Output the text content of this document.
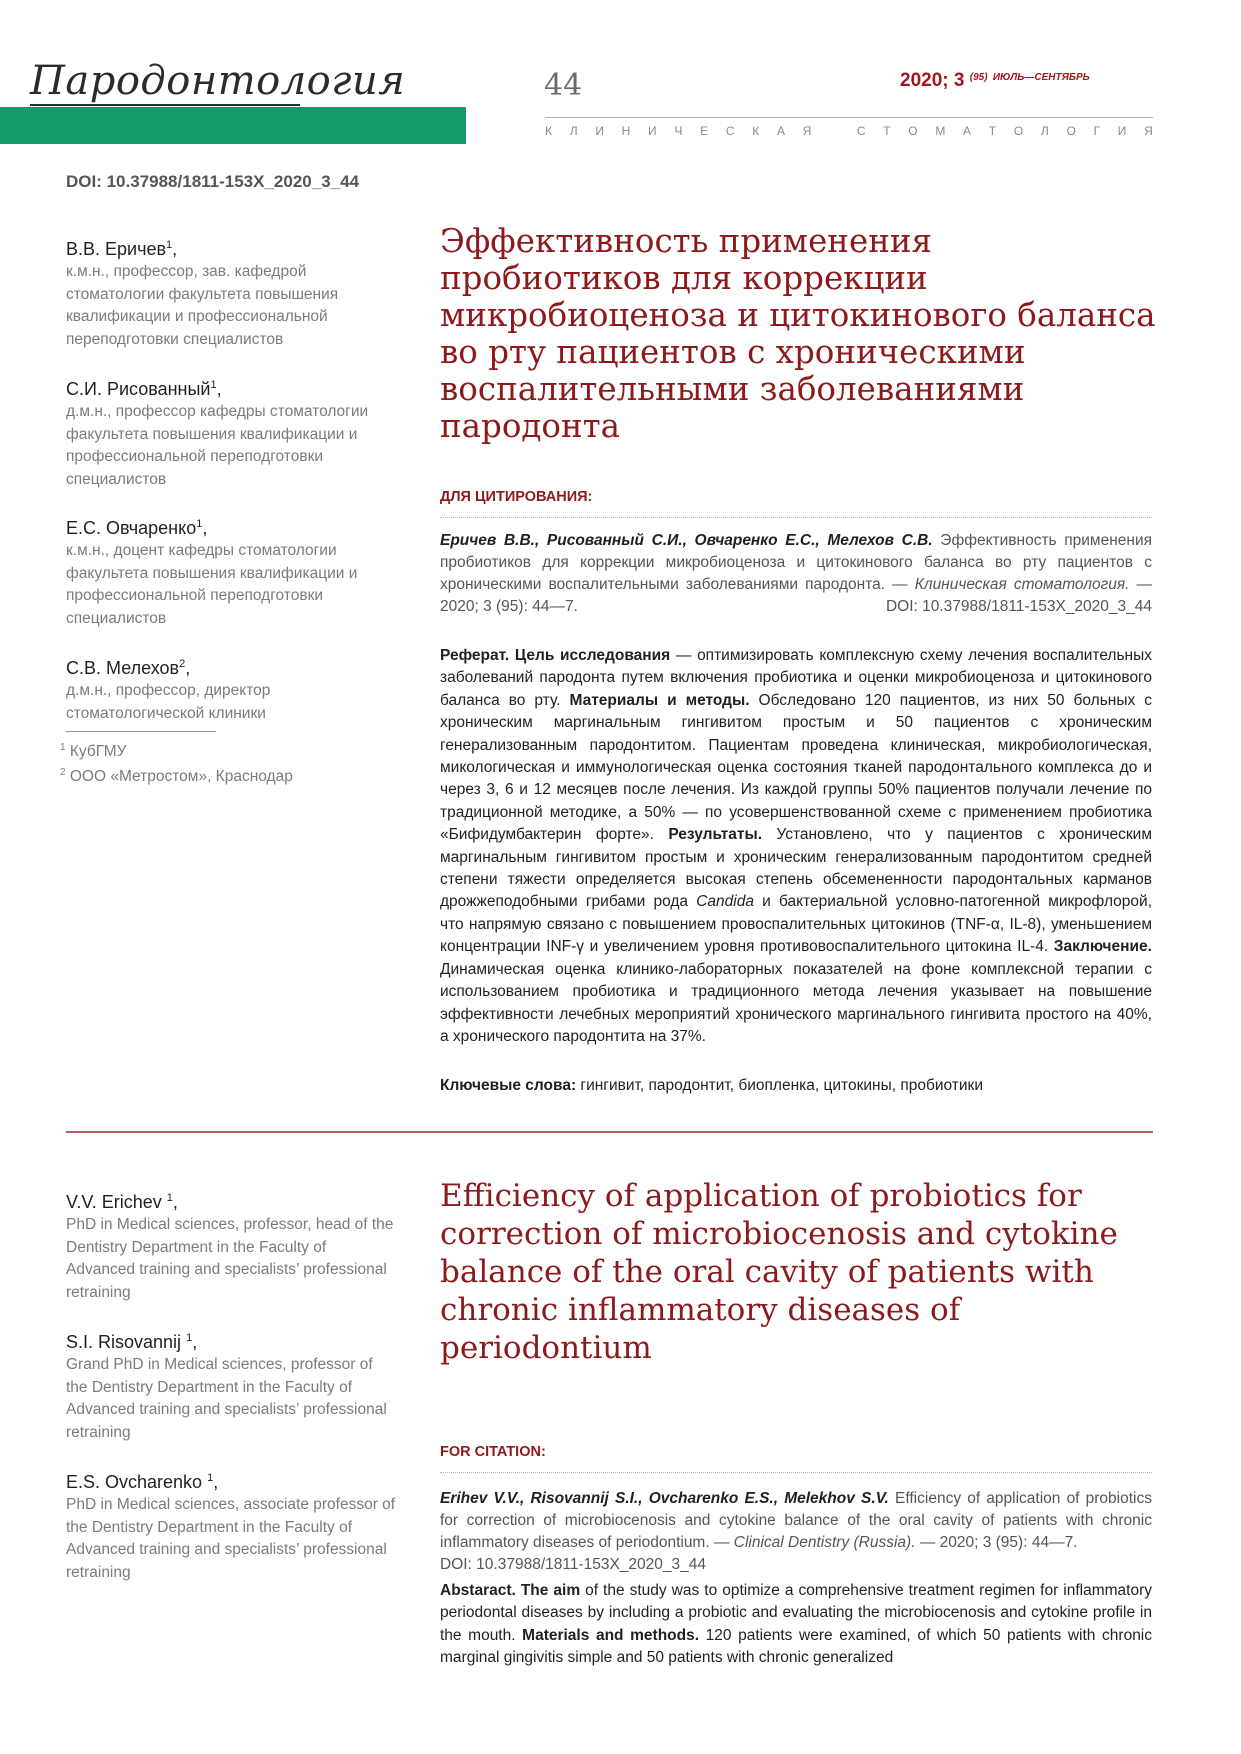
Пародонтология	44	2020; 3 $^{(95)}$ $^{ИЮЛЬ—СЕНТЯБРЬ}$
К Л И Н И Ч Е С К А Я
	С Т О М А Т О Л О Г И Я
DOI: 10.37988/1811-153X_2020_3_44
В.В. Еричев$^1$,
к.м.н., профессор, зав. кафедрой стоматологии факультета повышения квалификации и профессиональной переподготовки специалистов
С.И. Рисованный$^1$,
д.м.н., профессор кафедры стоматологии факультета повышения квалификации и профессиональной переподготовки специалистов
Е.С. Овчаренко$^1$,
к.м.н., доцент кафедры стоматологии факультета повышения квалификации и профессиональной переподготовки специалистов
С.В. Мелехов$^2$,
д.м.н., профессор, директор стоматологической клиники
$^1$ КубГМУ
$^2$ ООО «Метростом», Краснодар
Эффективность применения пробиотиков для коррекции микробиоценоза и цитокинового баланса во рту пациентов с хроническими воспалительными заболеваниями пародонта
ДЛЯ ЦИТИРОВАНИЯ:
Еричев В.В., Рисованный С.И., Овчаренко Е.С., Мелехов С.В. Эффективность применения пробиотиков для коррекции микробиоценоза и цитокинового баланса во рту пациентов с хроническими воспалительными заболеваниями пародонта. — Клиническая стоматология. — 2020; 3 (95): 44—7.	DOI: 10.37988/1811-153X_2020_3_44
Реферат. Цель исследования — оптимизировать комплексную схему лечения воспалительных заболеваний пародонта путем включения пробиотика и оценки микробиоценоза и цитокинового баланса во рту. Материалы и методы. Обследовано 120 пациентов, из них 50 больных с хроническим маргинальным гингивитом простым и 50 пациентов с хроническим генерализованным пародонтитом. Пациентам проведена клиническая, микробиологическая, микологическая и иммунологическая оценка состояния тканей пародонтального комплекса до и через 3, 6 и 12 месяцев после лечения. Из каждой группы 50% пациентов получали лечение по традиционной методике, а 50% — по усовершенствованной схеме с применением пробиотика «Бифидумбактерин форте». Результаты. Установлено, что у пациентов с хроническим маргинальным гингивитом простым и хроническим генерализованным пародонтитом средней степени тяжести определяется высокая степень обсемененности пародонтальных карманов дрожжеподобными грибами рода Candida и бактериальной условно-патогенной микрофлорой, что напрямую связано с повышением провоспалительных цитокинов (TNF-α, IL-8), уменьшением концентрации INF-γ и увеличением уровня противовоспалительного цитокина IL-4. Заключение. Динамическая оценка клинико-лабораторных показателей на фоне комплексной терапии с использованием пробиотика и традиционного метода лечения указывает на повышение эффективности лечебных мероприятий хронического маргинального гингивита простого на 40%, а хронического пародонтита на 37%.
Ключевые слова: гингивит, пародонтит, биопленка, цитокины, пробиотики
V.V. Erichev $^1$,
PhD in Medical sciences, professor, head of the Dentistry Department in the Faculty of Advanced training and specialists’ professional retraining
S.I. Risovannij $^1$,
Grand PhD in Medical sciences, professor of the Dentistry Department in the Faculty of Advanced training and specialists’ professional retraining
E.S. Ovcharenko $^1$,
PhD in Medical sciences, associate professor of the Dentistry Department in the Faculty of Advanced training and specialists’ professional retraining
Efficiency of application of probiotics for correction of microbiocenosis and cytokine balance of the oral cavity of patients with chronic inflammatory diseases of periodontium
FOR CITATION:
Erihev V.V., Risovannij S.I., Ovcharenko E.S., Melekhov S.V. Efficiency of application of probiotics for correction of microbiocenosis and cytokine balance of the oral cavity of patients with chronic inflammatory diseases of periodontium. — Clinical Dentistry (Russia). — 2020; 3 (95): 44—7.
DOI: 10.37988/1811-153X_2020_3_44
Abstaract. The aim of the study was to optimize a comprehensive treatment regimen for inflammatory periodontal diseases by including a probiotic and evaluating the microbiocenosis and cytokine profile in the mouth. Materials and methods. 120 patients were examined, of which 50 patients with chronic marginal gingivitis simple and 50 patients with chronic generalized
